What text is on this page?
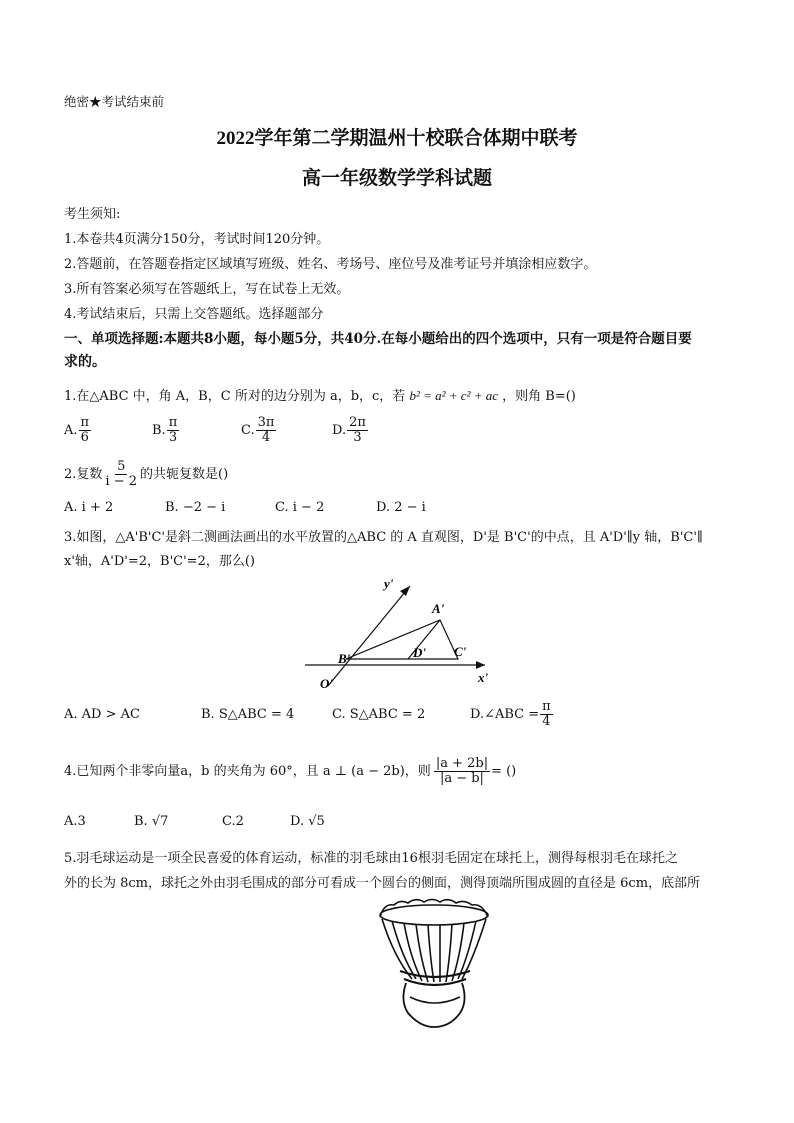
绝密★考试结束前
2022学年第二学期温州十校联合体期中联考
高一年级数学学科试题
考生须知:
1.本卷共4页满分150分，考试时间120分钟。
2.答题前，在答题卷指定区域填写班级、姓名、考场号、座位号及准考证号并填涂相应数字。
3.所有答案必须写在答题纸上，写在试卷上无效。
4.考试结束后，只需上交答题纸。选择题部分
一、单项选择题:本题共8小题，每小题5分，共40分.在每小题给出的四个选项中，只有一项是符合题目要
求的。
1.在△ABC 中，角 A，B，C 所对的边分别为 a，b，c，若 b² = a² + c² + ac ，则角 B=()
A. $\frac{\pi}{6}$	B. $\frac{\pi}{3}$	C. $\frac{3\pi}{4}$	D. $\frac{2\pi}{3}$
2.复数 $\frac{5}{i - 2}$ 的共轭复数是()
A. i + 2	B. −2 − i	C. i − 2	D. 2 − i
3.如图，△A'B'C'是斜二测画法画出的水平放置的△ABC 的 A 直观图，D'是 B'C'的中点，且 A'D'∥y 轴，B'C'∥
x'轴，A'D'=2，B'C'=2，那么()
y'
x'
A'
B'	C'
D'
O'
A. AD > AC	B. S△ABC = 4	C. S△ABC = 2	D.∠ABC = $\frac{\pi}{4}$
4.已知两个非零向量a，b 的夹角为 60°，且 a ⊥ (a − 2b)，则 $\frac{|a + 2b|}{|a - b|}$ = ()
A.3	B. √7	C.2	D. √5
5.羽毛球运动是一项全民喜爱的体育运动，标准的羽毛球由16根羽毛固定在球托上，测得每根羽毛在球托之
外的长为 8cm，球托之外由羽毛围成的部分可看成一个圆台的侧面，测得顶端所围成圆的直径是 6cm，底部所
